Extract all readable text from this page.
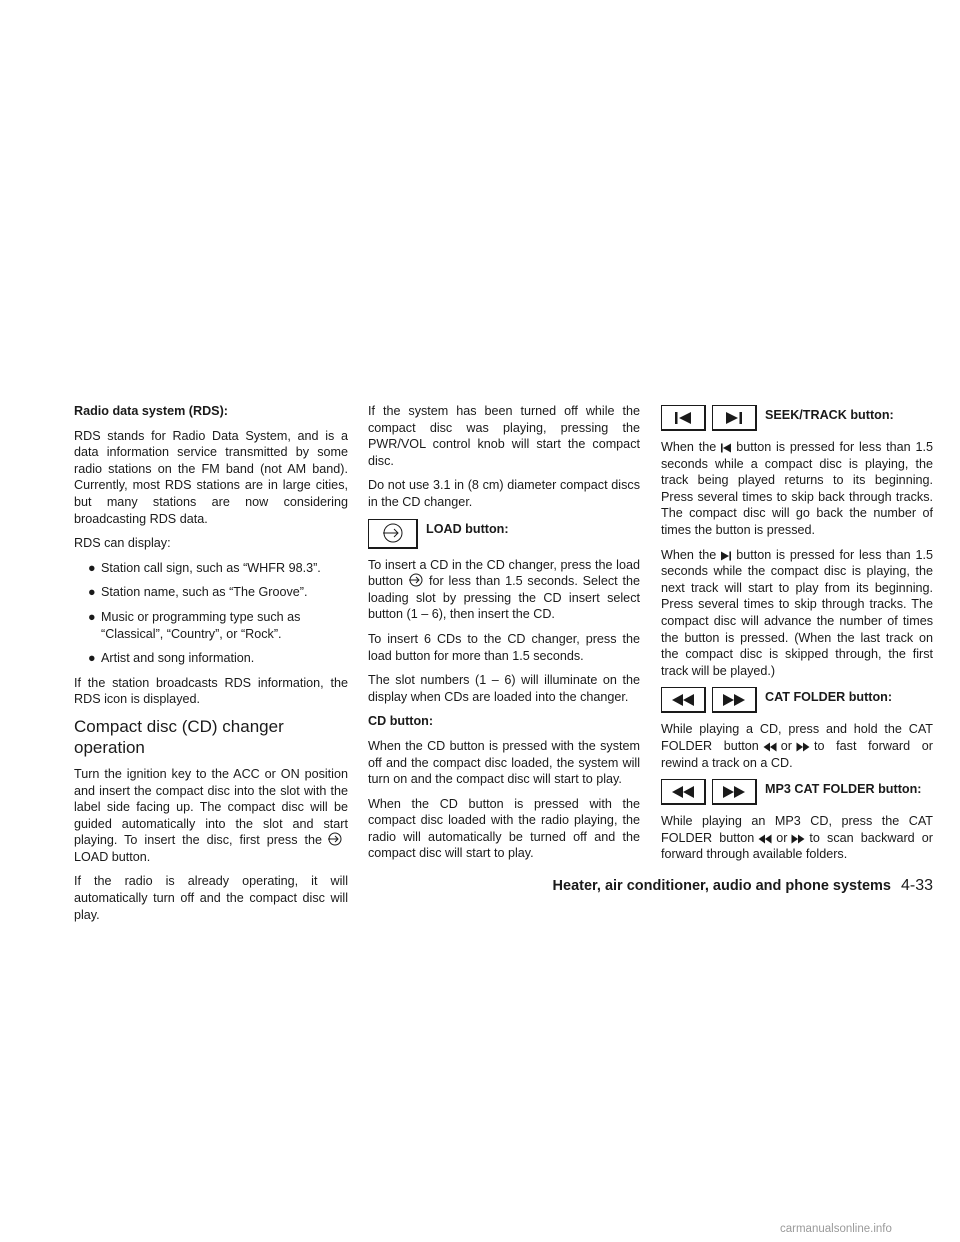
Radio data system (RDS):

RDS stands for Radio Data System, and is a data information service transmitted by some radio stations on the FM band (not AM band). Currently, most RDS stations are in large cities, but many stations are now considering broadcasting RDS data.

RDS can display:

● Station call sign, such as “WHFR 98.3”.
● Station name, such as “The Groove”.
● Music or programming type such as “Classical”, “Country”, or “Rock”.
● Artist and song information.

If the station broadcasts RDS information, the RDS icon is displayed.

Compact disc (CD) changer operation

Turn the ignition key to the ACC or ON position and insert the compact disc into the slot with the label side facing up. The compact disc will be guided automatically into the slot and start playing. To insert the disc, first press the
LOAD button.

If the radio is already operating, it will automatically turn off and the compact disc will play.

If the system has been turned off while the compact disc was playing, pressing the PWR/VOL control knob will start the compact disc.

Do not use 3.1 in (8 cm) diameter compact discs in the CD changer.

LOAD button:

To insert a CD in the CD changer, press the load button for less than 1.5 seconds. Select the loading slot by pressing the CD insert select button (1 – 6), then insert the CD.

To insert 6 CDs to the CD changer, press the load button for more than 1.5 seconds.

The slot numbers (1 – 6) will illuminate on the display when CDs are loaded into the changer.

CD button:

When the CD button is pressed with the system off and the compact disc loaded, the system will turn on and the compact disc will start to play.

When the CD button is pressed with the compact disc loaded with the radio playing, the radio will automatically be turned off and the compact disc will start to play.

SEEK/TRACK button:

When the button is pressed for less than 1.5 seconds while a compact disc is playing, the track being played returns to its beginning. Press several times to skip back through tracks. The compact disc will go back the number of times the button is pressed.

When the button is pressed for less than 1.5 seconds while the compact disc is playing, the next track will start to play from its beginning. Press several times to skip through tracks. The compact disc will advance the number of times the button is pressed. (When the last track on the compact disc is skipped through, the first track will be played.)

CAT FOLDER button:

While playing a CD, press and hold the CAT FOLDER button or to fast forward or rewind a track on a CD.

MP3 CAT FOLDER button:

While playing an MP3 CD, press the CAT FOLDER button or to scan backward or forward through available folders.

Heater, air conditioner, audio and phone systems 4-33
carmanualsonline.info
